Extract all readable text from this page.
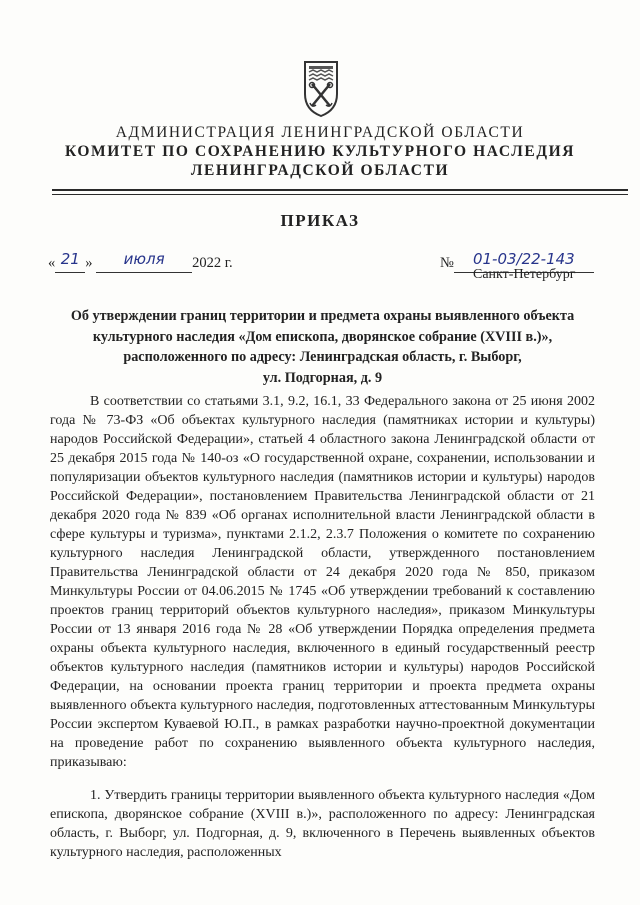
АДМИНИСТРАЦИЯ ЛЕНИНГРАДСКОЙ ОБЛАСТИ
КОМИТЕТ ПО СОХРАНЕНИЮ КУЛЬТУРНОГО НАСЛЕДИЯ
ЛЕНИНГРАДСКОЙ ОБЛАСТИ
ПРИКАЗ
« 21 » июля 2022 г.	№ 01-03/22-143
Санкт-Петербург
Об утверждении границ территории и предмета охраны выявленного объекта
культурного наследия «Дом епископа, дворянское собрание (XVIII в.)»,
расположенного по адресу: Ленинградская область, г. Выборг,
ул. Подгорная, д. 9

В соответствии со статьями 3.1, 9.2, 16.1, 33 Федерального закона от 25 июня 2002 года № 73-ФЗ «Об объектах культурного наследия (памятниках истории и культуры) народов Российской Федерации», статьей 4 областного закона Ленинградской области от 25 декабря 2015 года № 140-оз «О государственной охране, сохранении, использовании и популяризации объектов культурного наследия (памятников истории и культуры) народов Российской Федерации», постановлением Правительства Ленинградской области от 21 декабря 2020 года № 839 «Об органах исполнительной власти Ленинградской области в сфере культуры и туризма», пунктами 2.1.2, 2.3.7 Положения о комитете по сохранению культурного наследия Ленинградской области, утвержденного постановлением Правительства Ленинградской области от 24 декабря 2020 года № 850, приказом Минкультуры России от 04.06.2015 № 1745 «Об утверждении требований к составлению проектов границ территорий объектов культурного наследия», приказом Минкультуры России от 13 января 2016 года № 28 «Об утверждении Порядка определения предмета охраны объекта культурного наследия, включенного в единый государственный реестр объектов культурного наследия (памятников истории и культуры) народов Российской Федерации, на основании проекта границ территории и проекта предмета охраны выявленного объекта культурного наследия, подготовленных аттестованным Минкультуры России экспертом Куваевой Ю.П., в рамках разработки научно-проектной документации на проведение работ по сохранению выявленного объекта культурного наследия, приказываю:

1. Утвердить границы территории выявленного объекта культурного наследия «Дом епископа, дворянское собрание (XVIII в.)», расположенного по адресу: Ленинградская область, г. Выборг, ул. Подгорная, д. 9, включенного в Перечень выявленных объектов культурного наследия, расположенных
